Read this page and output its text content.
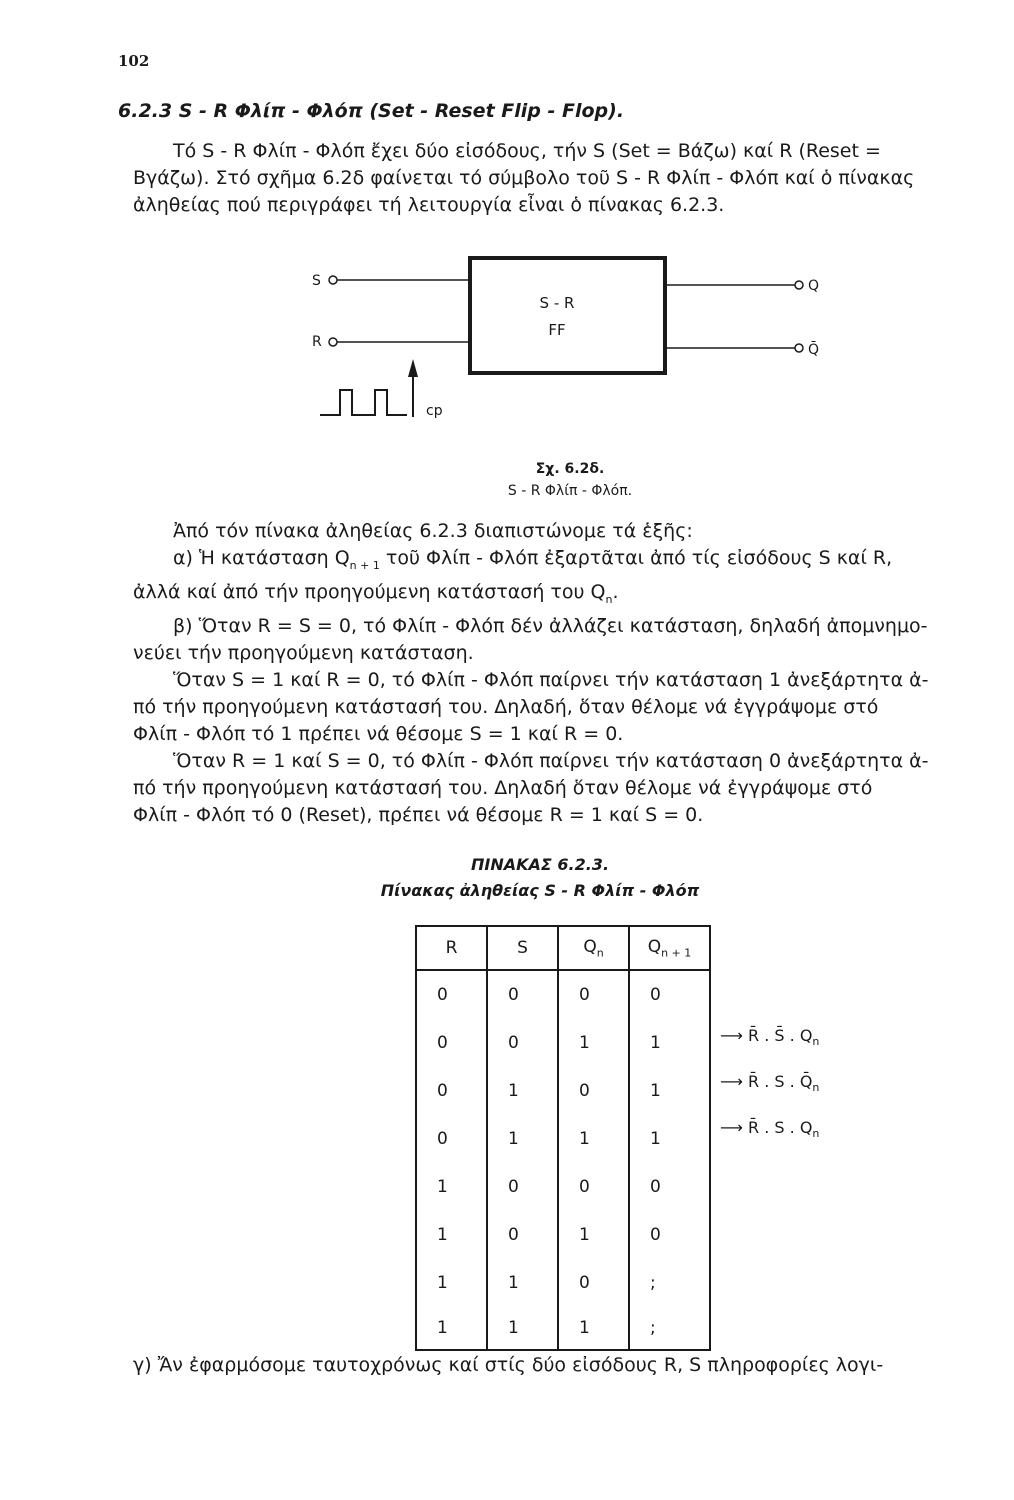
102
6.2.3 S - R Φλίπ - Φλόπ (Set - Reset Flip - Flop).
Τό S - R Φλίπ - Φλόπ ἔχει δύο εἰσόδους, τήν S (Set = Βάζω) καί R (Reset =
Βγάζω). Στό σχῆμα 6.2δ φαίνεται τό σύμβολο τοῦ S - R Φλίπ - Φλόπ καί ὁ πίνακας
ἀληθείας πού περιγράφει τή λειτουργία εἶναι ὁ πίνακας 6.2.3.
S - R
FF
S
R
Q
Q̄
cp
Σχ. 6.2δ.
S - R Φλίπ - Φλόπ.
Ἀπό τόν πίνακα ἀληθείας 6.2.3 διαπιστώνομε τά ἑξῆς:
α) Ἡ κατάσταση $Q_{n + 1}$ τοῦ Φλίπ - Φλόπ ἐξαρτᾶται ἀπό τίς εἰσόδους S καί R,
ἀλλά καί ἀπό τήν προηγούμενη κατάστασή του $Q_n$.
β) Ὅταν R = S = 0, τό Φλίπ - Φλόπ δέν ἀλλάζει κατάσταση, δηλαδή ἀπομνημο-
νεύει τήν προηγούμενη κατάσταση.
Ὅταν S = 1 καί R = 0, τό Φλίπ - Φλόπ παίρνει τήν κατάσταση 1 ἀνεξάρτητα ἀ-
πό τήν προηγούμενη κατάστασή του. Δηλαδή, ὅταν θέλομε νά ἐγγράψομε στό
Φλίπ - Φλόπ τό 1 πρέπει νά θέσομε S = 1 καί R = 0.
Ὅταν R = 1 καί S = 0, τό Φλίπ - Φλόπ παίρνει τήν κατάσταση 0 ἀνεξάρτητα ἀ-
πό τήν προηγούμενη κατάστασή του. Δηλαδή ὅταν θέλομε νά ἐγγράψομε στό
Φλίπ - Φλόπ τό 0 (Reset), πρέπει νά θέσομε R = 1 καί S = 0.
ΠΙΝΑΚΑΣ 6.2.3.
Πίνακας ἀληθείας S - R Φλίπ - Φλόπ
R	S	$Q_n$	$Q_{n + 1}$
0	0	0	0
0	0	1	1
0	1	0	1
0	1	1	1
1	0	0	0
1	0	1	0
1	1	0	;
1	1	1	;
⟶ R̄ . S̄ . $Q_n$
⟶ R̄ . S . $Q̄_n$
⟶ R̄ . S . $Q_n$
γ) Ἄν ἐφαρμόσομε ταυτοχρόνως καί στίς δύο εἰσόδους R, S πληροφορίες λογι-
